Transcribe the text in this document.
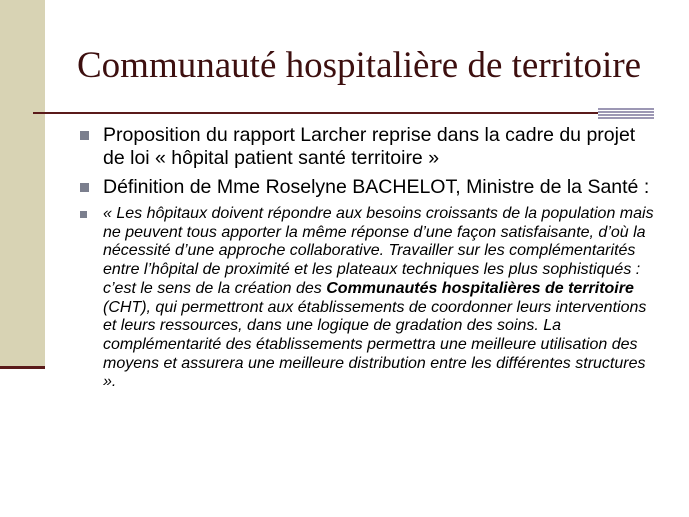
Communauté hospitalière de territoire
Proposition du rapport Larcher reprise dans la cadre du projet de loi « hôpital patient santé territoire »
Définition de Mme Roselyne BACHELOT, Ministre de la Santé :
« Les hôpitaux doivent répondre aux besoins croissants de la population mais ne peuvent tous apporter la même réponse d’une façon satisfaisante, d’où la nécessité d’une approche collaborative. Travailler sur les complémentarités entre l’hôpital de proximité et les plateaux techniques les plus sophistiqués : c’est le sens de la création des Communautés hospitalières de territoire (CHT), qui permettront aux établissements de coordonner leurs interventions et leurs ressources, dans une logique de gradation des soins. La complémentarité des établissements permettra une meilleure utilisation des moyens et assurera une meilleure distribution entre les différentes structures ».
